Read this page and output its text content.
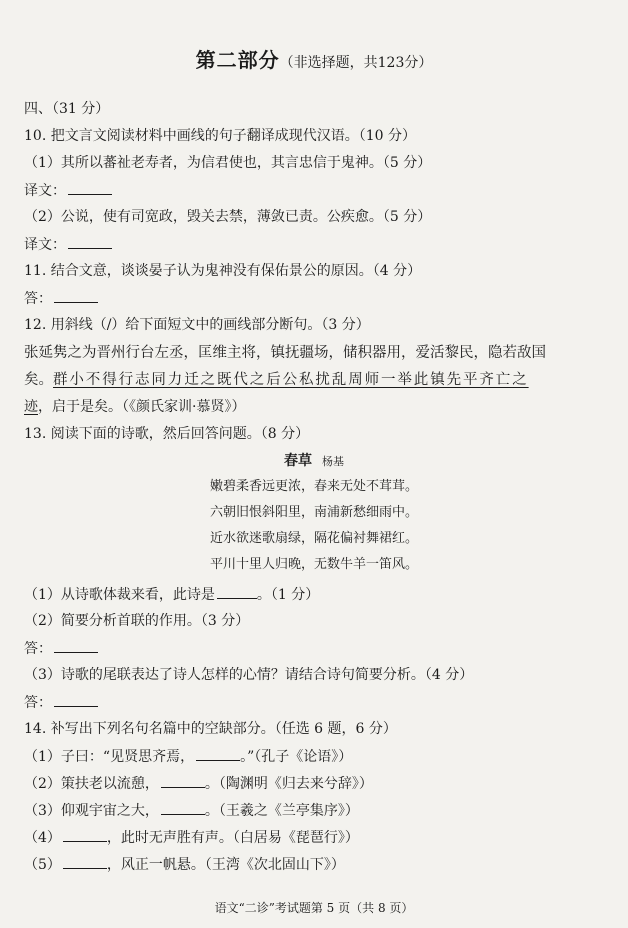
第二部分（非选择题，共123分）
四、（31 分）
10. 把文言文阅读材料中画线的句子翻译成现代汉语。（10 分）
（1）其所以蕃祉老寿者，为信君使也，其言忠信于鬼神。（5 分）
译文：
（2）公说，使有司宽政，毁关去禁，薄敛已责。公疾愈。（5 分）
译文：
11. 结合文意，谈谈晏子认为鬼神没有保佑景公的原因。（4 分）
答：
12. 用斜线（/）给下面短文中的画线部分断句。（3 分）
张延隽之为晋州行台左丞，匡维主将，镇抚疆场，储积器用，爱活黎民，隐若敌国
矣。群小不得行志同力迁之既代之后公私扰乱周师一举此镇先平齐亡之
迹，启于是矣。（《颜氏家训·慕贤》）
13. 阅读下面的诗歌，然后回答问题。（8 分）
春草 杨基
嫩碧柔香远更浓，春来无处不茸茸。
六朝旧恨斜阳里，南浦新愁细雨中。
近水欲迷歌扇绿，隔花偏衬舞裙红。
平川十里人归晚，无数牛羊一笛风。
（1）从诗歌体裁来看，此诗是	。（1 分）
（2）简要分析首联的作用。（3 分）
答：
（3）诗歌的尾联表达了诗人怎样的心情？请结合诗句简要分析。（4 分）
答：
14. 补写出下列名句名篇中的空缺部分。（任选 6 题，6 分）
（1）子曰：“见贤思齐焉，	。”（孔子《论语》）
（2）策扶老以流憩，	。（陶渊明《归去来兮辞》）
（3）仰观宇宙之大，	。（王羲之《兰亭集序》）
（4）	，此时无声胜有声。（白居易《琵琶行》）
（5）	，风正一帆悬。（王湾《次北固山下》）
语文“二诊”考试题第 5 页（共 8 页）
